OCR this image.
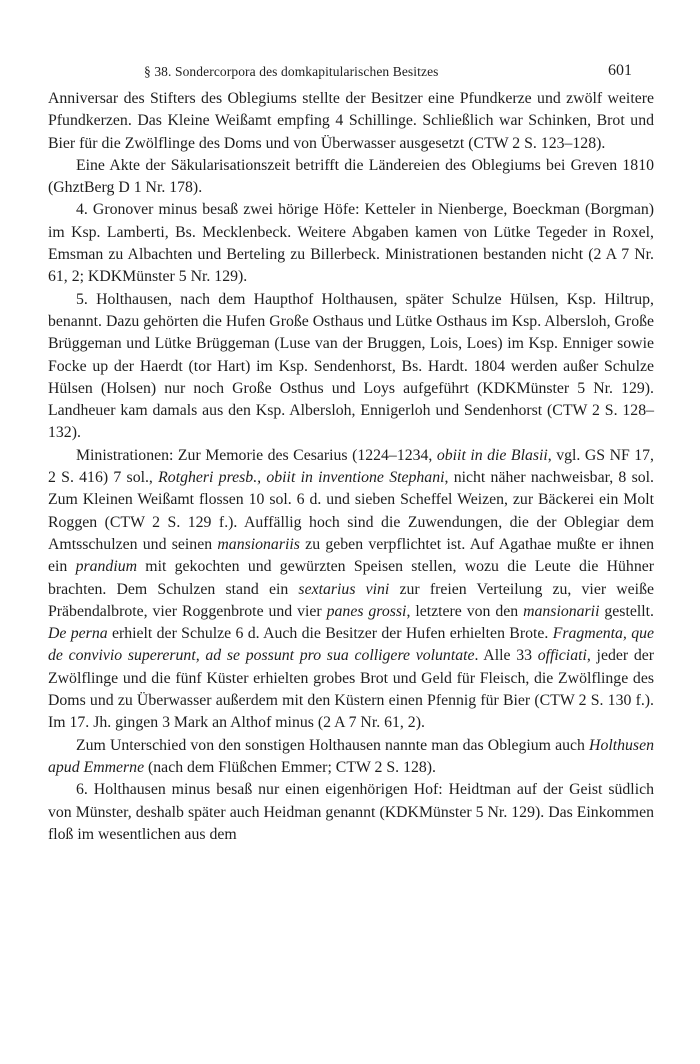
§ 38. Sondercorpora des domkapitularischen Besitzes	601

Anniversar des Stifters des Oblegiums stellte der Besitzer eine Pfundkerze und zwölf weitere Pfundkerzen. Das Kleine Weißamt empfing 4 Schillinge. Schließlich war Schinken, Brot und Bier für die Zwölflinge des Doms und von Überwasser ausgesetzt (CTW 2 S. 123–128).

Eine Akte der Säkularisationszeit betrifft die Ländereien des Oblegiums bei Greven 1810 (GhztBerg D 1 Nr. 178).

4. Gronover minus besaß zwei hörige Höfe: Ketteler in Nienberge, Boeckman (Borgman) im Ksp. Lamberti, Bs. Mecklenbeck. Weitere Abgaben kamen von Lütke Tegeder in Roxel, Emsman zu Albachten und Berteling zu Billerbeck. Ministrationen bestanden nicht (2 A 7 Nr. 61, 2; KDKMünster 5 Nr. 129).

5. Holthausen, nach dem Haupthof Holthausen, später Schulze Hülsen, Ksp. Hiltrup, benannt. Dazu gehörten die Hufen Große Osthaus und Lütke Osthaus im Ksp. Albersloh, Große Brüggeman und Lütke Brüggeman (Luse van der Bruggen, Lois, Loes) im Ksp. Enniger sowie Focke up der Haerdt (tor Hart) im Ksp. Sendenhorst, Bs. Hardt. 1804 werden außer Schulze Hülsen (Holsen) nur noch Große Osthus und Loys aufgeführt (KDKMünster 5 Nr. 129). Landheuer kam damals aus den Ksp. Albersloh, Ennigerloh und Sendenhorst (CTW 2 S. 128–132).

Ministrationen: Zur Memorie des Cesarius (1224–1234, obiit in die Blasii, vgl. GS NF 17, 2 S. 416) 7 sol., Rotgheri presb., obiit in inventione Stephani, nicht näher nachweisbar, 8 sol. Zum Kleinen Weißamt flossen 10 sol. 6 d. und sieben Scheffel Weizen, zur Bäckerei ein Molt Roggen (CTW 2 S. 129 f.). Auffällig hoch sind die Zuwendungen, die der Oblegiar dem Amtsschulzen und seinen mansionariis zu geben verpflichtet ist. Auf Agathae mußte er ihnen ein prandium mit gekochten und gewürzten Speisen stellen, wozu die Leute die Hühner brachten. Dem Schulzen stand ein sextarius vini zur freien Verteilung zu, vier weiße Präbendalbrote, vier Roggenbrote und vier panes grossi, letztere von den mansionarii gestellt. De perna erhielt der Schulze 6 d. Auch die Besitzer der Hufen erhielten Brote. Fragmenta, que de convivio supererunt, ad se possunt pro sua colligere voluntate. Alle 33 officiati, jeder der Zwölflinge und die fünf Küster erhielten grobes Brot und Geld für Fleisch, die Zwölflinge des Doms und zu Überwasser außerdem mit den Küstern einen Pfennig für Bier (CTW 2 S. 130 f.). Im 17. Jh. gingen 3 Mark an Althof minus (2 A 7 Nr. 61, 2).

Zum Unterschied von den sonstigen Holthausen nannte man das Oblegium auch Holthusen apud Emmerne (nach dem Flüßchen Emmer; CTW 2 S. 128).

6. Holthausen minus besaß nur einen eigenhörigen Hof: Heidtman auf der Geist südlich von Münster, deshalb später auch Heidman genannt (KDKMünster 5 Nr. 129). Das Einkommen floß im wesentlichen aus dem
